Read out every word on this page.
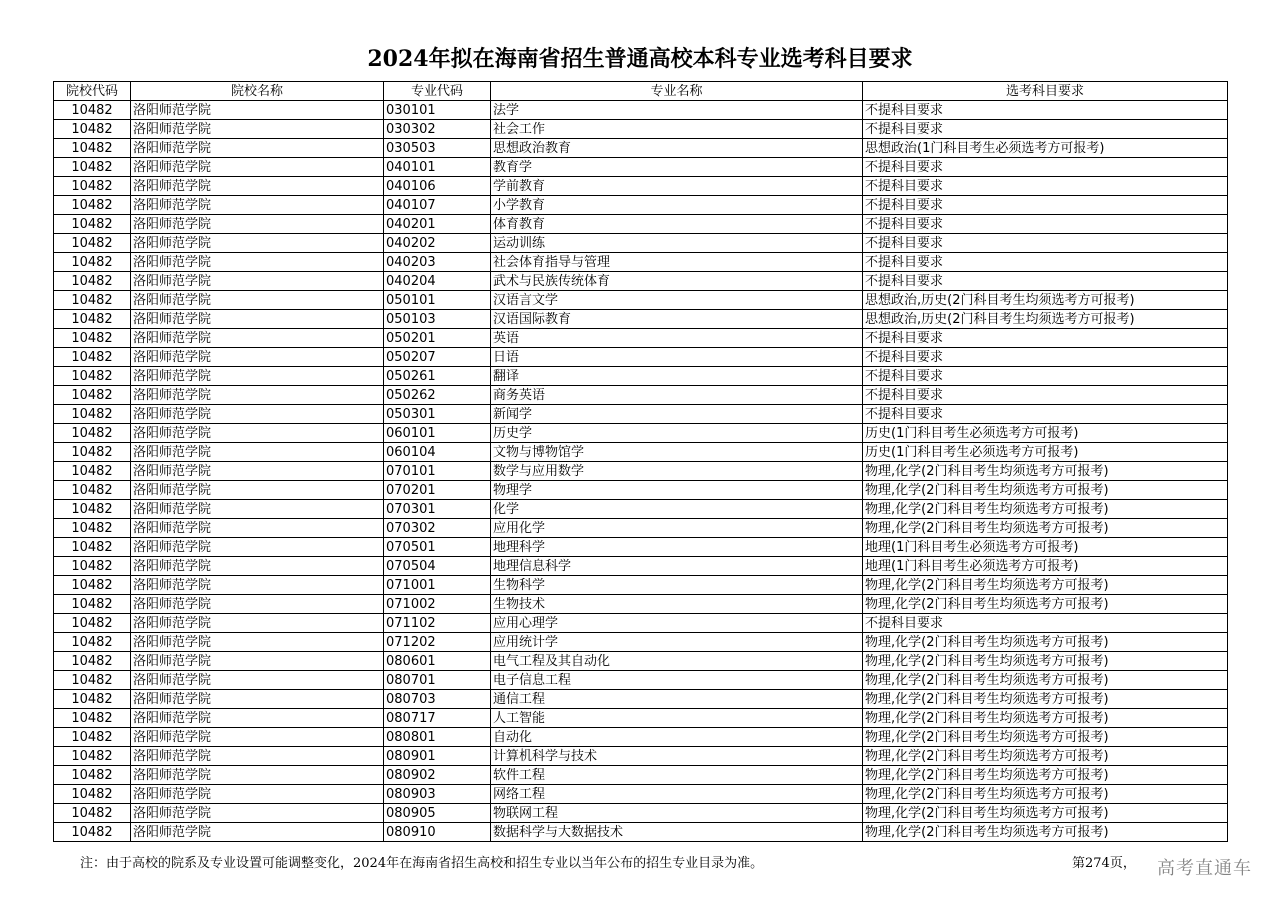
2024年拟在海南省招生普通高校本科专业选考科目要求
院校代码	院校名称	专业代码	专业名称	选考科目要求
10482	洛阳师范学院	030101	法学	不提科目要求
10482	洛阳师范学院	030302	社会工作	不提科目要求
10482	洛阳师范学院	030503	思想政治教育	思想政治(1门科目考生必须选考方可报考)
10482	洛阳师范学院	040101	教育学	不提科目要求
10482	洛阳师范学院	040106	学前教育	不提科目要求
10482	洛阳师范学院	040107	小学教育	不提科目要求
10482	洛阳师范学院	040201	体育教育	不提科目要求
10482	洛阳师范学院	040202	运动训练	不提科目要求
10482	洛阳师范学院	040203	社会体育指导与管理	不提科目要求
10482	洛阳师范学院	040204	武术与民族传统体育	不提科目要求
10482	洛阳师范学院	050101	汉语言文学	思想政治,历史(2门科目考生均须选考方可报考)
10482	洛阳师范学院	050103	汉语国际教育	思想政治,历史(2门科目考生均须选考方可报考)
10482	洛阳师范学院	050201	英语	不提科目要求
10482	洛阳师范学院	050207	日语	不提科目要求
10482	洛阳师范学院	050261	翻译	不提科目要求
10482	洛阳师范学院	050262	商务英语	不提科目要求
10482	洛阳师范学院	050301	新闻学	不提科目要求
10482	洛阳师范学院	060101	历史学	历史(1门科目考生必须选考方可报考)
10482	洛阳师范学院	060104	文物与博物馆学	历史(1门科目考生必须选考方可报考)
10482	洛阳师范学院	070101	数学与应用数学	物理,化学(2门科目考生均须选考方可报考)
10482	洛阳师范学院	070201	物理学	物理,化学(2门科目考生均须选考方可报考)
10482	洛阳师范学院	070301	化学	物理,化学(2门科目考生均须选考方可报考)
10482	洛阳师范学院	070302	应用化学	物理,化学(2门科目考生均须选考方可报考)
10482	洛阳师范学院	070501	地理科学	地理(1门科目考生必须选考方可报考)
10482	洛阳师范学院	070504	地理信息科学	地理(1门科目考生必须选考方可报考)
10482	洛阳师范学院	071001	生物科学	物理,化学(2门科目考生均须选考方可报考)
10482	洛阳师范学院	071002	生物技术	物理,化学(2门科目考生均须选考方可报考)
10482	洛阳师范学院	071102	应用心理学	不提科目要求
10482	洛阳师范学院	071202	应用统计学	物理,化学(2门科目考生均须选考方可报考)
10482	洛阳师范学院	080601	电气工程及其自动化	物理,化学(2门科目考生均须选考方可报考)
10482	洛阳师范学院	080701	电子信息工程	物理,化学(2门科目考生均须选考方可报考)
10482	洛阳师范学院	080703	通信工程	物理,化学(2门科目考生均须选考方可报考)
10482	洛阳师范学院	080717	人工智能	物理,化学(2门科目考生均须选考方可报考)
10482	洛阳师范学院	080801	自动化	物理,化学(2门科目考生均须选考方可报考)
10482	洛阳师范学院	080901	计算机科学与技术	物理,化学(2门科目考生均须选考方可报考)
10482	洛阳师范学院	080902	软件工程	物理,化学(2门科目考生均须选考方可报考)
10482	洛阳师范学院	080903	网络工程	物理,化学(2门科目考生均须选考方可报考)
10482	洛阳师范学院	080905	物联网工程	物理,化学(2门科目考生均须选考方可报考)
10482	洛阳师范学院	080910	数据科学与大数据技术	物理,化学(2门科目考生均须选考方可报考)
注：由于高校的院系及专业设置可能调整变化，2024年在海南省招生高校和招生专业以当年公布的招生专业目录为准。	第274页， 高考直通车
